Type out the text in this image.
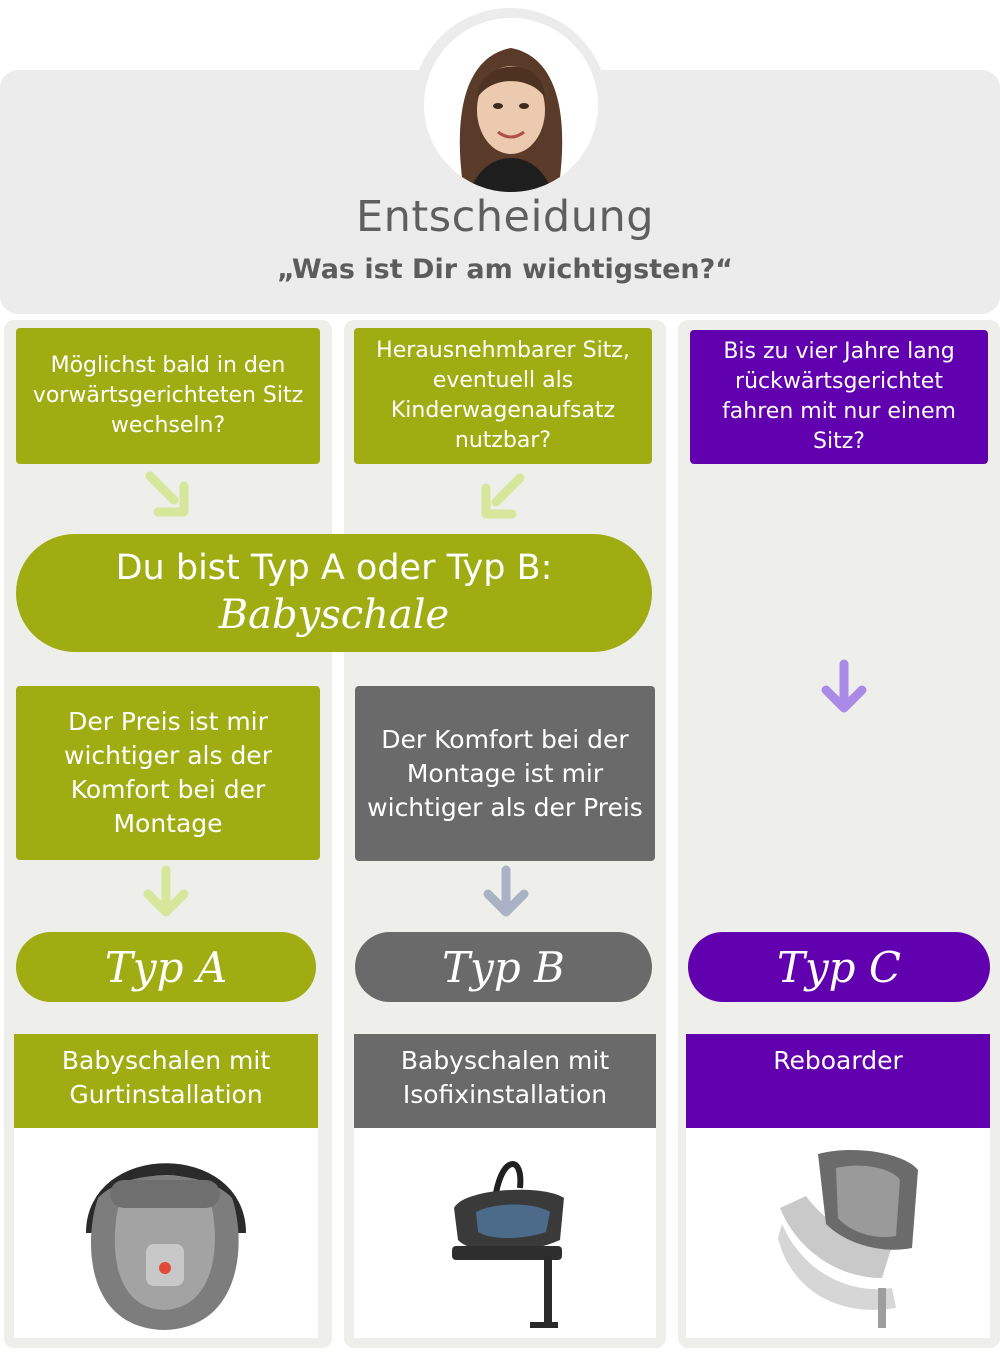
Entscheidung
„Was ist Dir am wichtigsten?“
Möglichst bald in den vorwärtsgerichteten Sitz wechseln?
Herausnehmbarer Sitz, eventuell als Kinderwagenaufsatz nutzbar?
Bis zu vier Jahre lang rückwärtsgerichtet fahren mit nur einem Sitz?
Du bist Typ A oder Typ B:
Babyschale
Der Preis ist mir wichtiger als der Komfort bei der Montage
Der Komfort bei der Montage ist mir wichtiger als der Preis
Typ A	Typ B	Typ C
Babyschalen mit Gurtinstallation
Babyschalen mit Isofixinstallation
Reboarder
